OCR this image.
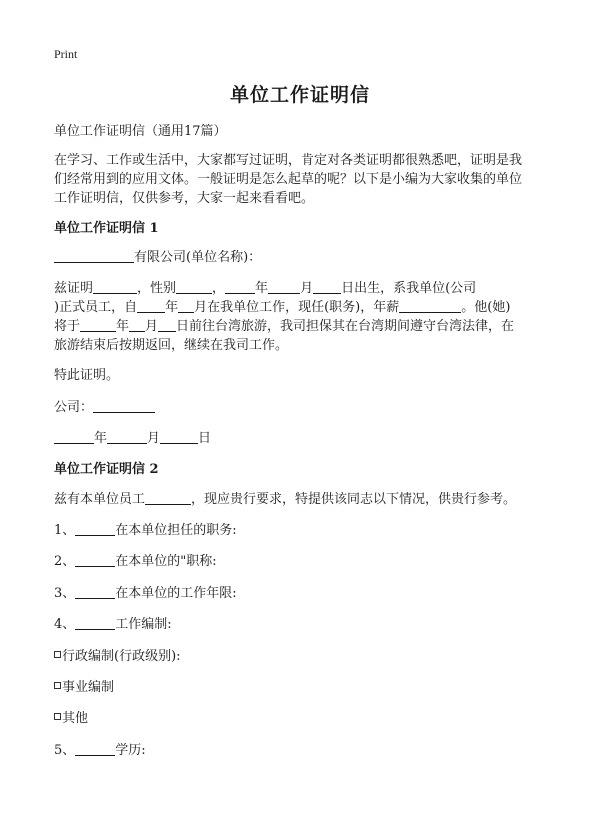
Print
单位工作证明信
单位工作证明信（通用17篇）
在学习、工作或生活中，大家都写过证明，肯定对各类证明都很熟悉吧，证明是我
们经常用到的应用文体。一般证明是怎么起草的呢？以下是小编为大家收集的单位
工作证明信，仅供参考，大家一起来看看吧。
单位工作证明信 1
有限公司(单位名称)：
兹证明	，性别	， 年 月 日出生，系我单位(公司
)正式员工，自 年 月在我单位工作，现任(职务)，年薪	。他(她)
将于	年 月 日前往台湾旅游，我司担保其在台湾期间遵守台湾法律，在
旅游结束后按期返回，继续在我司工作。
特此证明。
公司：
年	月	日
单位工作证明信 2
兹有本单位员工	，现应贵行要求，特提供该同志以下情况，供贵行参考。
1、	在本单位担任的职务:
2、	在本单位的"职称:
3、	在本单位的工作年限:
4、	工作编制:
行政编制(行政级别):
事业编制
其他
5、	学历:
